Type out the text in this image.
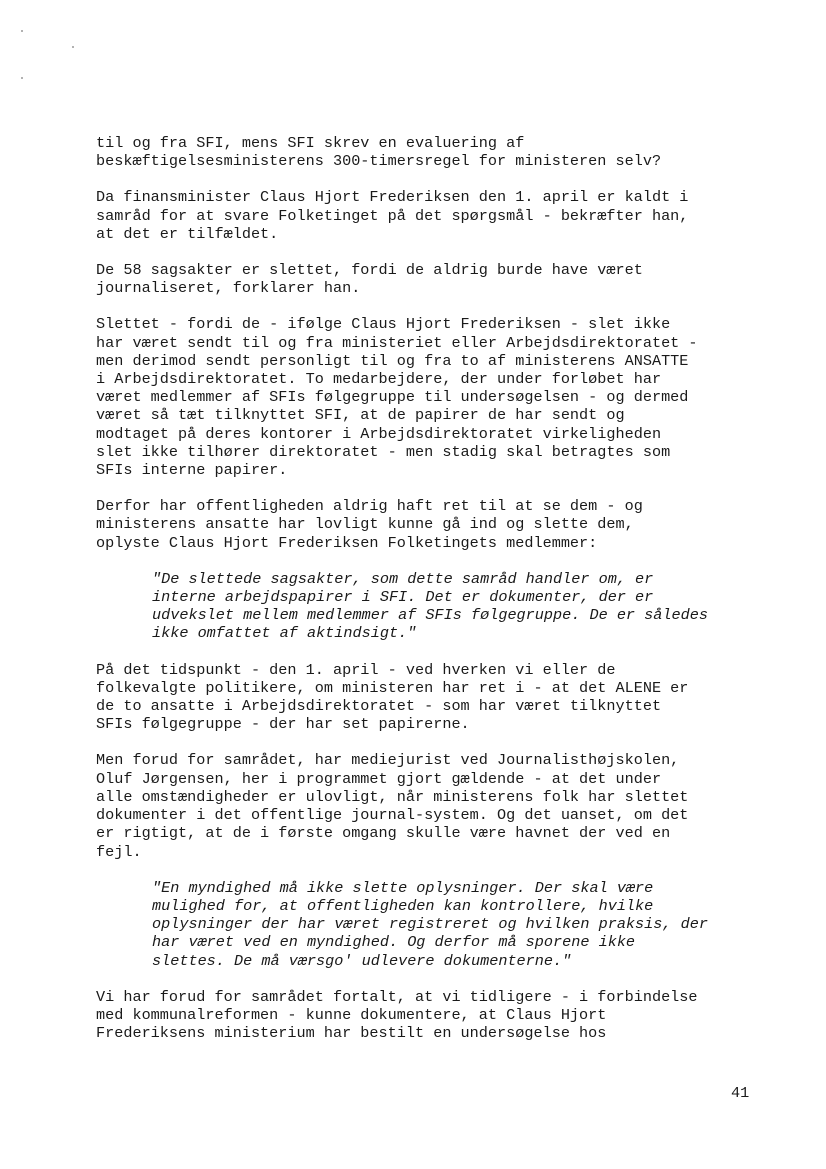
til og fra SFI, mens SFI skrev en evaluering af
beskæftigelsesministerens 300-timersregel for ministeren selv?

Da finansminister Claus Hjort Frederiksen den 1. april er kaldt i
samråd for at svare Folketinget på det spørgsmål - bekræfter han,
at det er tilfældet.

De 58 sagsakter er slettet, fordi de aldrig burde have været
journaliseret, forklarer han.

Slettet - fordi de - ifølge Claus Hjort Frederiksen - slet ikke
har været sendt til og fra ministeriet eller Arbejdsdirektoratet -
men derimod sendt personligt til og fra to af ministerens ANSATTE
i Arbejdsdirektoratet. To medarbejdere, der under forløbet har
været medlemmer af SFIs følgegruppe til undersøgelsen - og dermed
været så tæt tilknyttet SFI, at de papirer de har sendt og
modtaget på deres kontorer i Arbejdsdirektoratet virkeligheden
slet ikke tilhører direktoratet - men stadig skal betragtes som
SFIs interne papirer.

Derfor har offentligheden aldrig haft ret til at se dem - og
ministerens ansatte har lovligt kunne gå ind og slette dem,
oplyste Claus Hjort Frederiksen Folketingets medlemmer:

"De slettede sagsakter, som dette samråd handler om, er
interne arbejdspapirer i SFI. Det er dokumenter, der er
udvekslet mellem medlemmer af SFIs følgegruppe. De er således
ikke omfattet af aktindsigt."

På det tidspunkt - den 1. april - ved hverken vi eller de
folkevalgte politikere, om ministeren har ret i - at det ALENE er
de to ansatte i Arbejdsdirektoratet - som har været tilknyttet
SFIs følgegruppe - der har set papirerne.

Men forud for samrådet, har mediejurist ved Journalisthøjskolen,
Oluf Jørgensen, her i programmet gjort gældende - at det under
alle omstændigheder er ulovligt, når ministerens folk har slettet
dokumenter i det offentlige journal-system. Og det uanset, om det
er rigtigt, at de i første omgang skulle være havnet der ved en
fejl.

"En myndighed må ikke slette oplysninger. Der skal være
mulighed for, at offentligheden kan kontrollere, hvilke
oplysninger der har været registreret og hvilken praksis, der
har været ved en myndighed. Og derfor må sporene ikke
slettes. De må værsgo' udlevere dokumenterne."

Vi har forud for samrådet fortalt, at vi tidligere - i forbindelse
med kommunalreformen - kunne dokumentere, at Claus Hjort
Frederiksens ministerium har bestilt en undersøgelse hos

41
